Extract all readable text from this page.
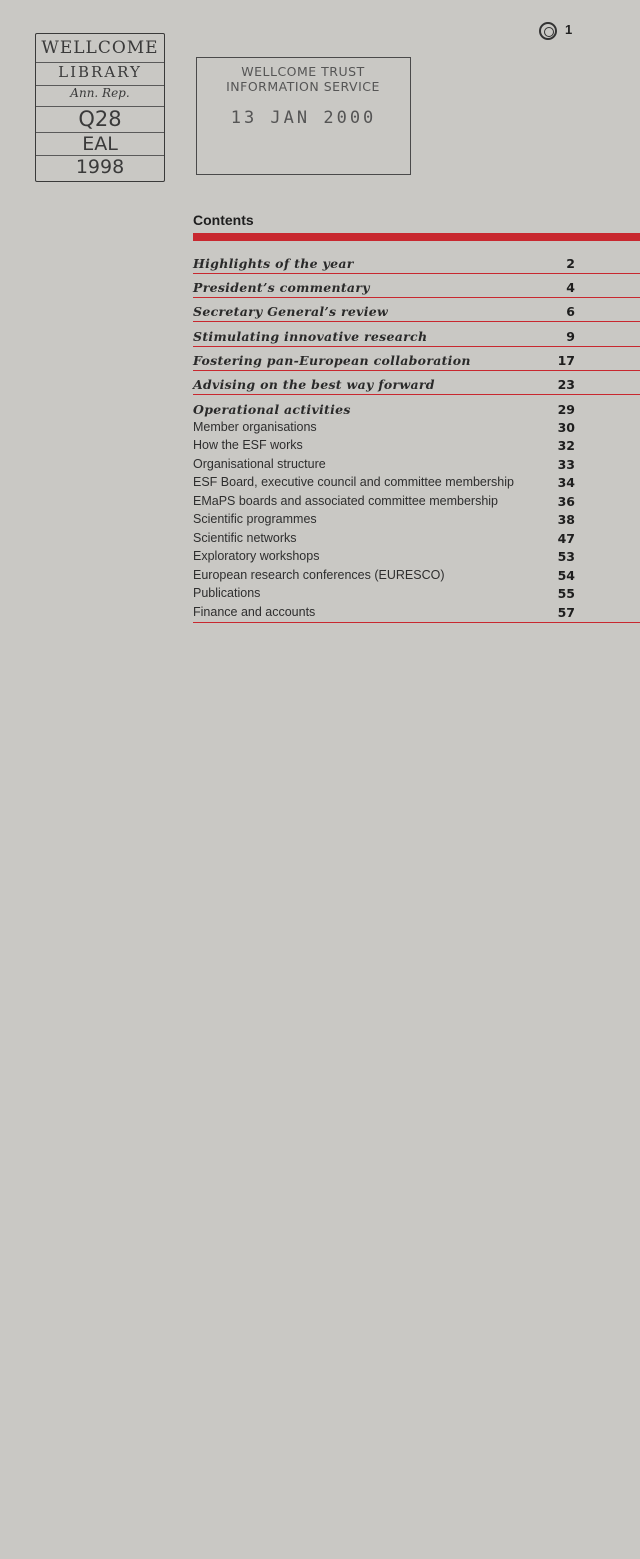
WELLCOME
LIBRARY
Ann. Rep.
Q28
EAL
1998
WELLCOME TRUST INFORMATION SERVICE
13 JAN 2000
1
Contents
Highlights of the year	2
President’s commentary	4
Secretary General’s review	6
Stimulating innovative research	9
Fostering pan-European collaboration	17
Advising on the best way forward	23
Operational activities	29
Member organisations	30
How the ESF works	32
Organisational structure	33
ESF Board, executive council and committee membership	34
EMaPS boards and associated committee membership	36
Scientific programmes	38
Scientific networks	47
Exploratory workshops	53
European research conferences (EURESCO)	54
Publications	55
Finance and accounts	57
